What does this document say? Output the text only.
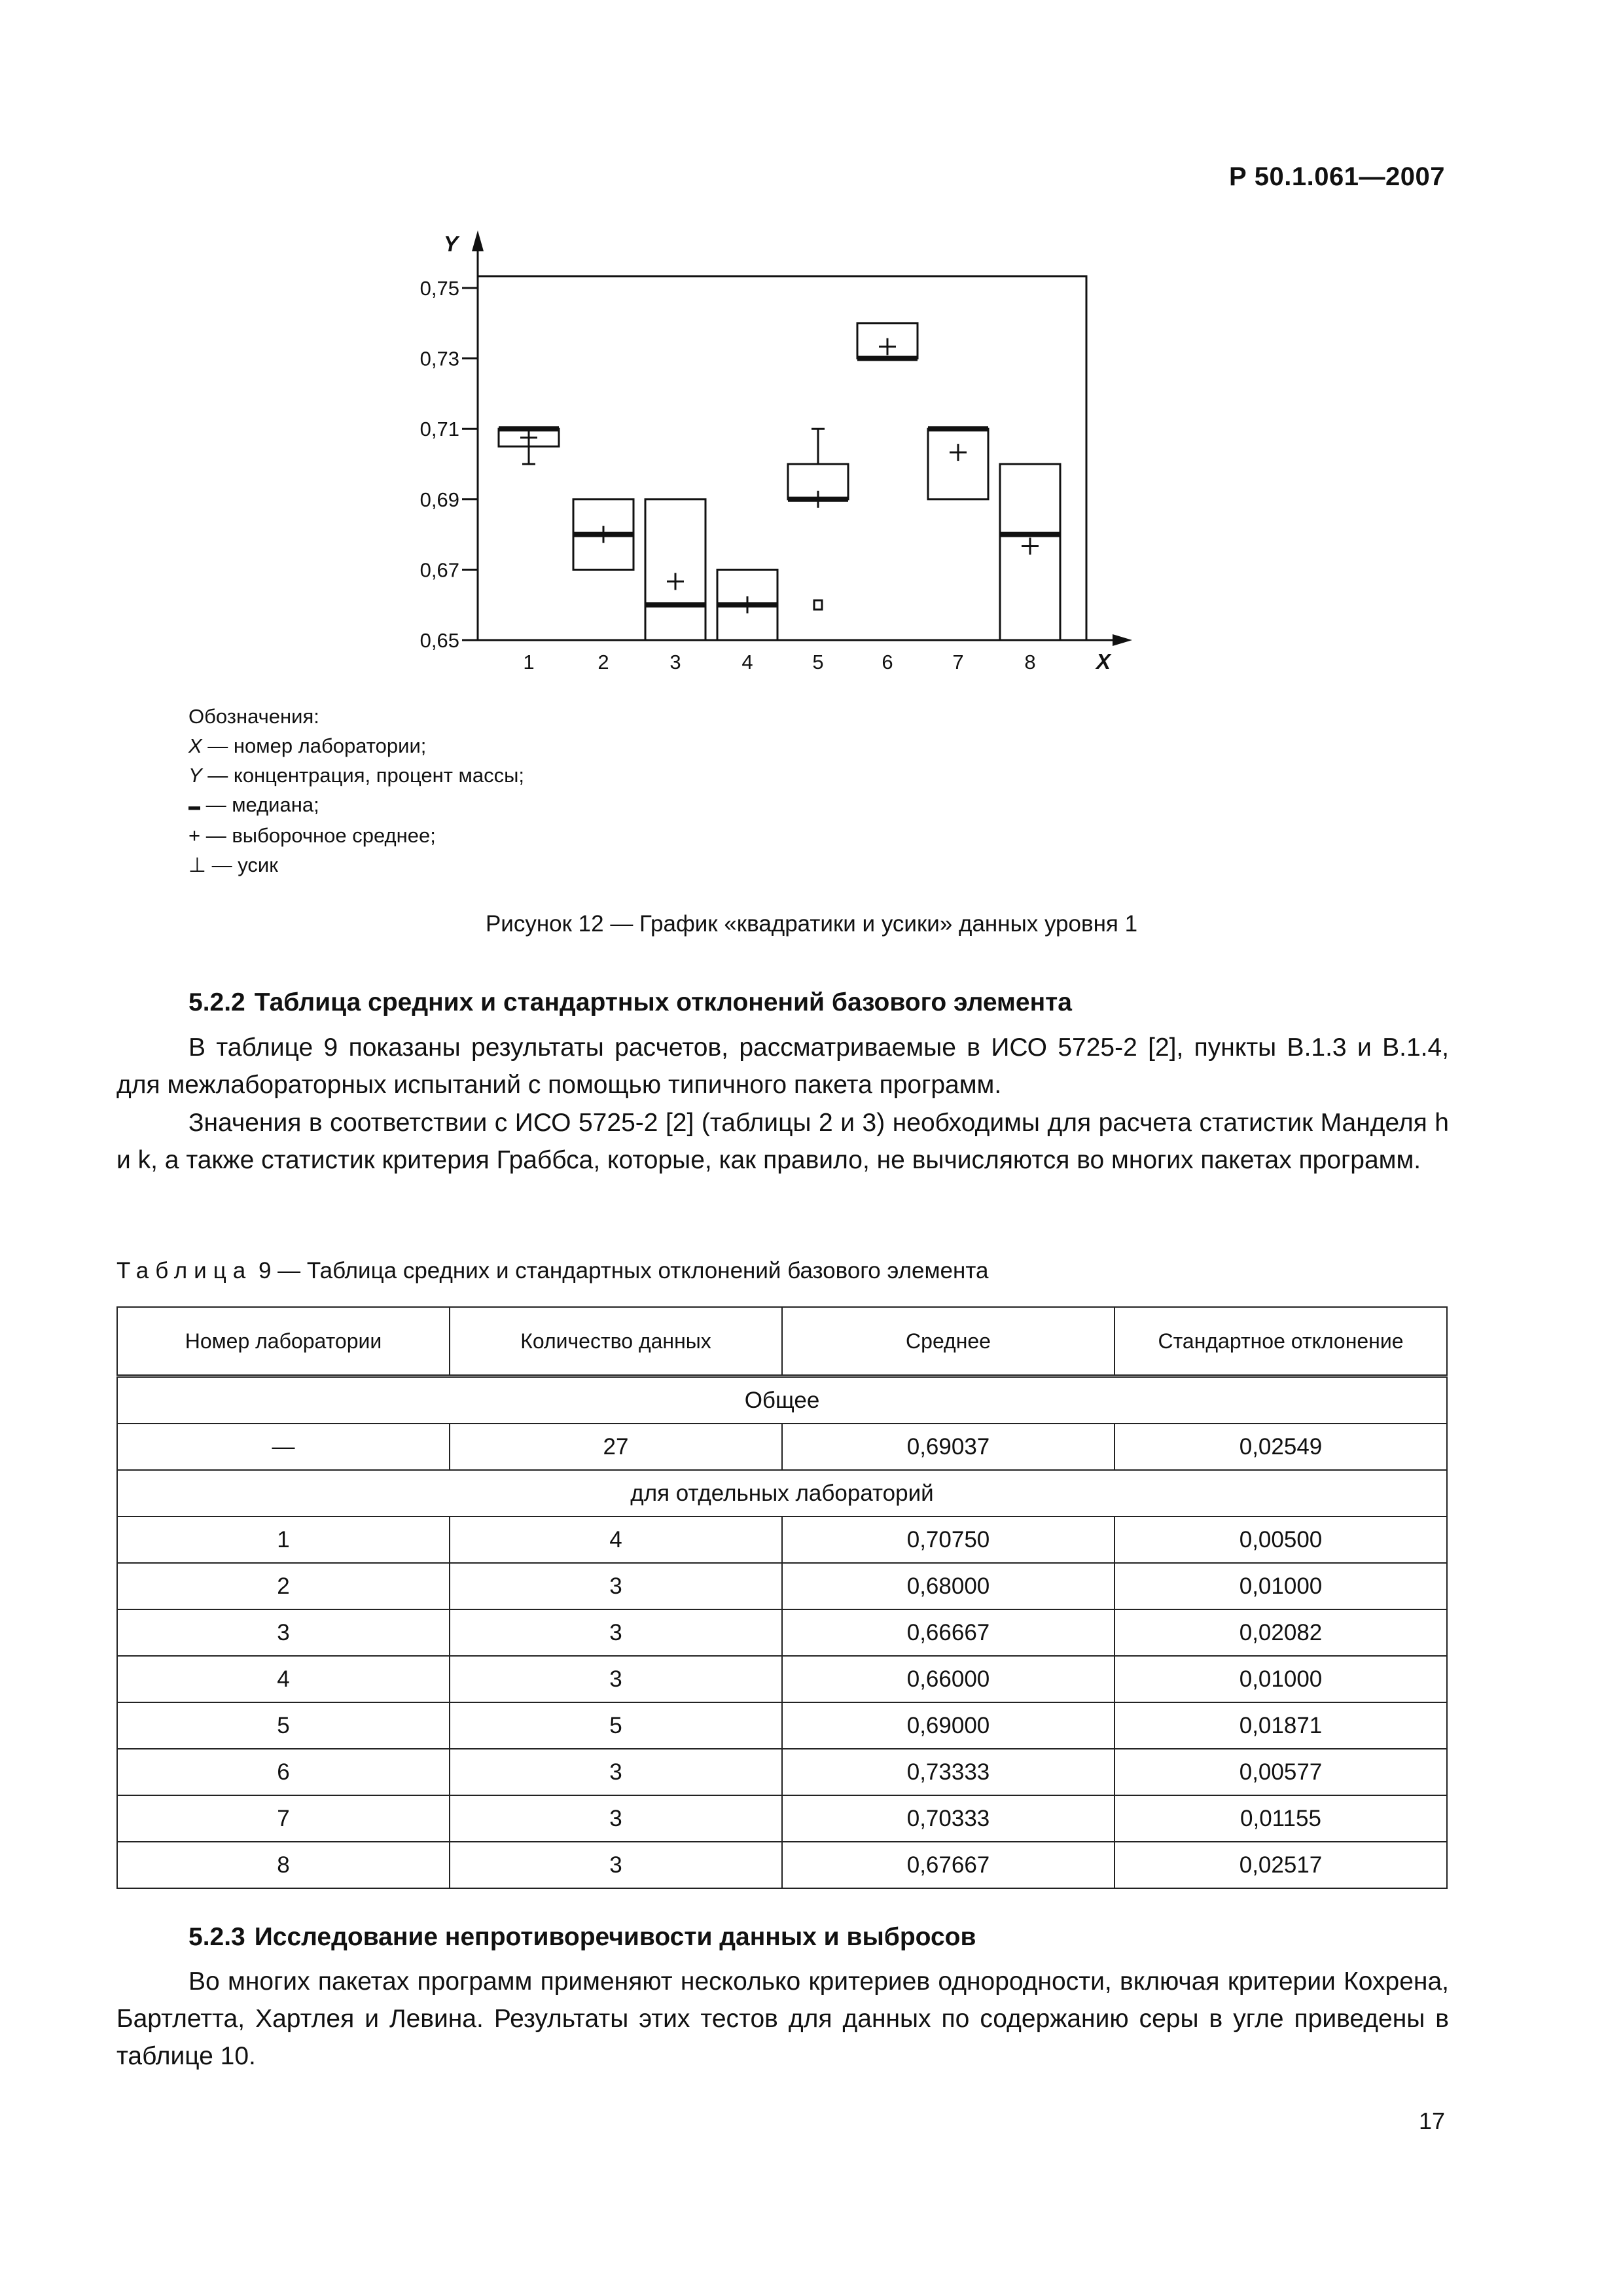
Р 50.1.061—2007
Y
X
0,75
0,73
0,71
0,69
0,67
0,65
1	2	3	4	5	6	7	8
Обозначения:
X — номер лаборатории;
Y — концентрация, процент массы;
▬ — медиана;
+ — выборочное среднее;
⊥ — усик
Рисунок 12 — График «квадратики и усики» данных уровня 1
5.2.2 Таблица средних и стандартных отклонений базового элемента

В таблице 9 показаны результаты расчетов, рассматриваемые в ИСО 5725-2 [2], пункты В.1.3 и В.1.4, для межлабораторных испытаний с помощью типичного пакета программ.

Значения в соответствии с ИСО 5725-2 [2] (таблицы 2 и 3) необходимы для расчета статистик Манделя h и k, а также статистик критерия Граббса, которые, как правило, не вычисляются во многих пакетах программ.

Таблица 9 — Таблица средних и стандартных отклонений базового элемента
Номер лаборатории	Количество данных	Среднее	Стандартное отклонение
Общее			
—	27	0,69037	0,02549
для отдельных лабораторий			
1	4	0,70750	0,00500
2	3	0,68000	0,01000
3	3	0,66667	0,02082
4	3	0,66000	0,01000
5	5	0,69000	0,01871
6	3	0,73333	0,00577
7	3	0,70333	0,01155
8	3	0,67667	0,02517
5.2.3 Исследование непротиворечивости данных и выбросов

Во многих пакетах программ применяют несколько критериев однородности, включая критерии Кохрена, Бартлетта, Хартлея и Левина. Результаты этих тестов для данных по содержанию серы в угле приведены в таблице 10.

17
